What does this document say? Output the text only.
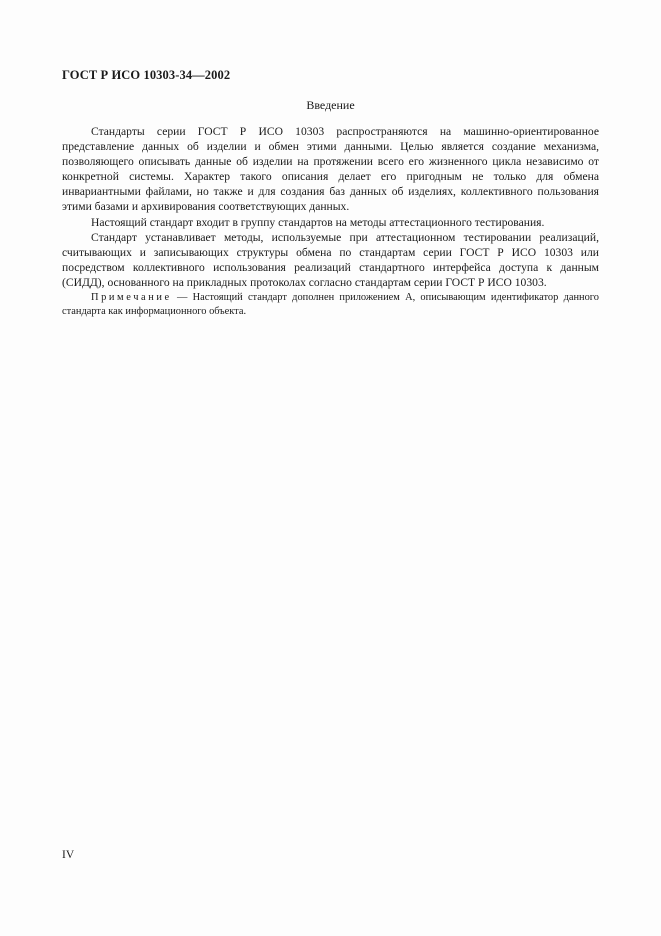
ГОСТ Р ИСО 10303-34—2002
Введение

Стандарты серии ГОСТ Р ИСО 10303 распространяются на машинно-ориентированное представление данных об изделии и обмен этими данными. Целью является создание механизма, позволяющего описывать данные об изделии на протяжении всего его жизненного цикла независимо от конкретной системы. Характер такого описания делает его пригодным не только для обмена инвариантными файлами, но также и для создания баз данных об изделиях, коллективного пользования этими базами и архивирования соответствующих данных.

Настоящий стандарт входит в группу стандартов на методы аттестационного тестирования.

Стандарт устанавливает методы, используемые при аттестационном тестировании реализаций, считывающих и записывающих структуры обмена по стандартам серии ГОСТ Р ИСО 10303 или посредством коллективного использования реализаций стандартного интерфейса доступа к данным (СИДД), основанного на прикладных протоколах согласно стандартам серии ГОСТ Р ИСО 10303.

Примечание — Настоящий стандарт дополнен приложением А, описывающим идентификатор данного стандарта как информационного объекта.
IV
